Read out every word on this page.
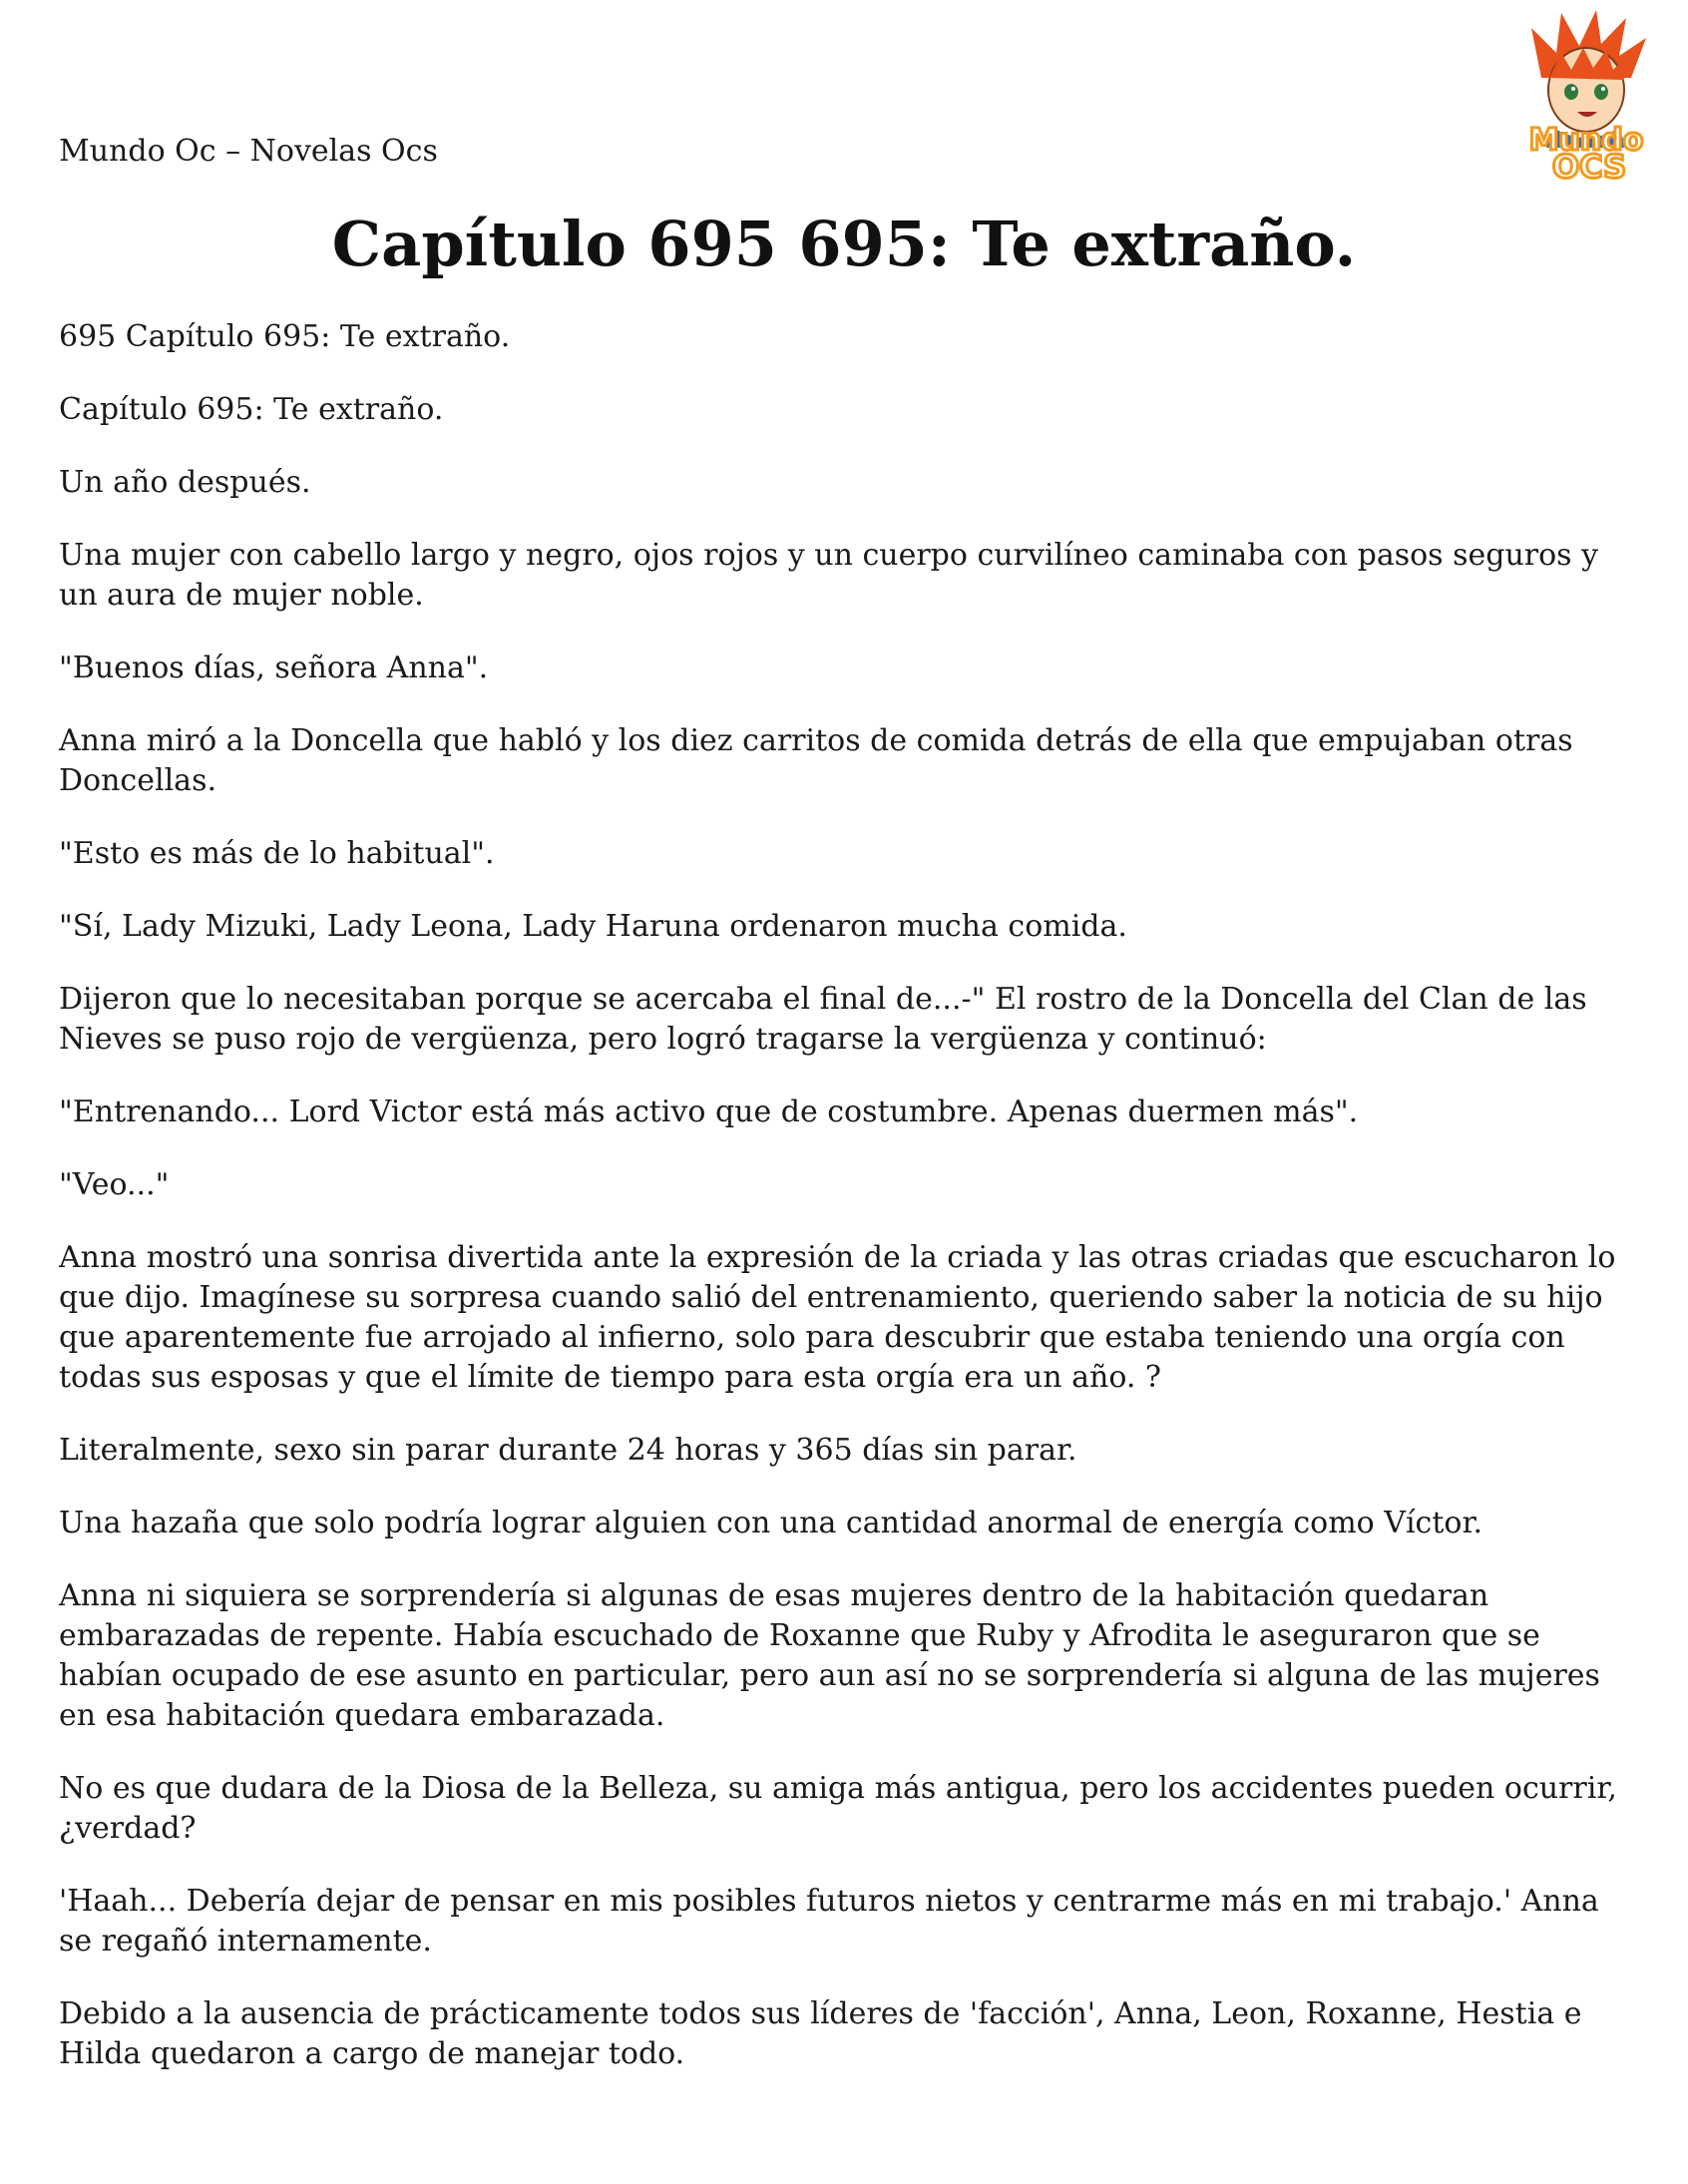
Mundo Oc – Novelas Ocs	Mundo
OCS
Capítulo 695 695: Te extraño.

695 Capítulo 695: Te extraño.

Capítulo 695: Te extraño.

Un año después.

Una mujer con cabello largo y negro, ojos rojos y un cuerpo curvilíneo caminaba con pasos seguros y un aura de mujer noble.

"Buenos días, señora Anna".

Anna miró a la Doncella que habló y los diez carritos de comida detrás de ella que empujaban otras Doncellas.

"Esto es más de lo habitual".

"Sí, Lady Mizuki, Lady Leona, Lady Haruna ordenaron mucha comida.

Dijeron que lo necesitaban porque se acercaba el final de...-" El rostro de la Doncella del Clan de las Nieves se puso rojo de vergüenza, pero logró tragarse la vergüenza y continuó:

"Entrenando... Lord Victor está más activo que de costumbre. Apenas duermen más".

"Veo..."

Anna mostró una sonrisa divertida ante la expresión de la criada y las otras criadas que escucharon lo que dijo. Imagínese su sorpresa cuando salió del entrenamiento, queriendo saber la noticia de su hijo que aparentemente fue arrojado al infierno, solo para descubrir que estaba teniendo una orgía con todas sus esposas y que el límite de tiempo para esta orgía era un año. ?

Literalmente, sexo sin parar durante 24 horas y 365 días sin parar.

Una hazaña que solo podría lograr alguien con una cantidad anormal de energía como Víctor.

Anna ni siquiera se sorprendería si algunas de esas mujeres dentro de la habitación quedaran embarazadas de repente. Había escuchado de Roxanne que Ruby y Afrodita le aseguraron que se habían ocupado de ese asunto en particular, pero aun así no se sorprendería si alguna de las mujeres en esa habitación quedara embarazada.

No es que dudara de la Diosa de la Belleza, su amiga más antigua, pero los accidentes pueden ocurrir, ¿verdad?

'Haah... Debería dejar de pensar en mis posibles futuros nietos y centrarme más en mi trabajo.' Anna se regañó internamente.

Debido a la ausencia de prácticamente todos sus líderes de 'facción', Anna, Leon, Roxanne, Hestia e Hilda quedaron a cargo de manejar todo.
